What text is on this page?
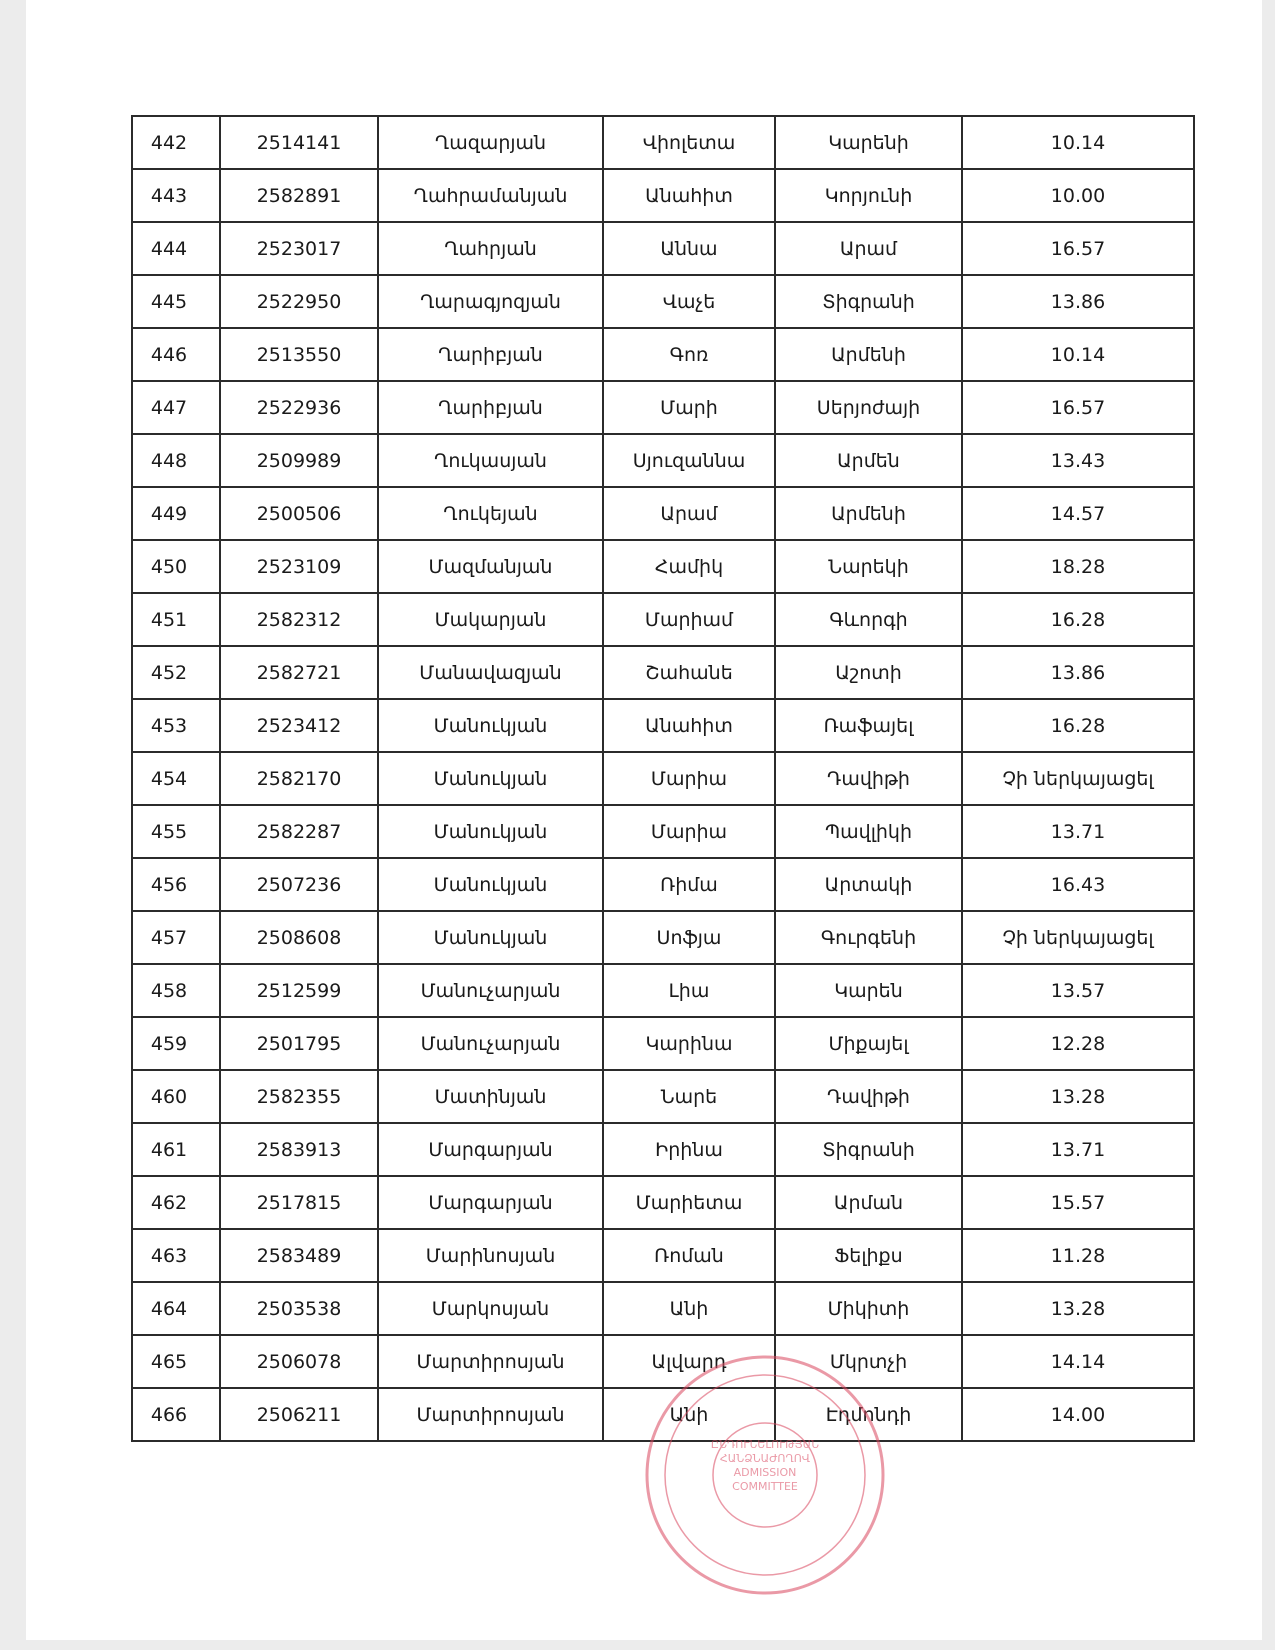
442	2514141	Ղազարյան	Վիոլետա	Կարենի	10.14
443	2582891	Ղահրամանյան	Անահիտ	Կորյունի	10.00
444	2523017	Ղահրյան	Աննա	Արամ	16.57
445	2522950	Ղարագյոզյան	Վաչե	Տիգրանի	13.86
446	2513550	Ղարիբյան	Գոռ	Արմենի	10.14
447	2522936	Ղարիբյան	Մարի	Սերյոժայի	16.57
448	2509989	Ղուկասյան	Սյուզաննա	Արմեն	13.43
449	2500506	Ղուկեյան	Արամ	Արմենի	14.57
450	2523109	Մազմանյան	Համիկ	Նարեկի	18.28
451	2582312	Մակարյան	Մարիամ	Գևորգի	16.28
452	2582721	Մանավազյան	Շահանե	Աշոտի	13.86
453	2523412	Մանուկյան	Անահիտ	Ռաֆայել	16.28
454	2582170	Մանուկյան	Մարիա	Դավիթի	Չի ներկայացել
455	2582287	Մանուկյան	Մարիա	Պավլիկի	13.71
456	2507236	Մանուկյան	Ռիմա	Արտակի	16.43
457	2508608	Մանուկյան	Սոֆյա	Գուրգենի	Չի ներկայացել
458	2512599	Մանուչարյան	Լիա	Կարեն	13.57
459	2501795	Մանուչարյան	Կարինա	Միքայել	12.28
460	2582355	Մատինյան	Նարե	Դավիթի	13.28
461	2583913	Մարգարյան	Իրինա	Տիգրանի	13.71
462	2517815	Մարգարյան	Մարիետա	Արման	15.57
463	2583489	Մարինոսյան	Ռոման	Ֆելիքս	11.28
464	2503538	Մարկոսյան	Անի	Միկիտի	13.28
465	2506078	Մարտիրոսյան	Ալվարդ	Մկրտչի	14.14
466	2506211	Մարտիրոսյան	Անի	Էդմոնդի	14.00
ԸՆԴՈՒՆԵԼՈՒԹՅԱՆ
ՀԱՆՁՆԱԺՈՂՈՎ
ADMISSION
COMMITTEE
